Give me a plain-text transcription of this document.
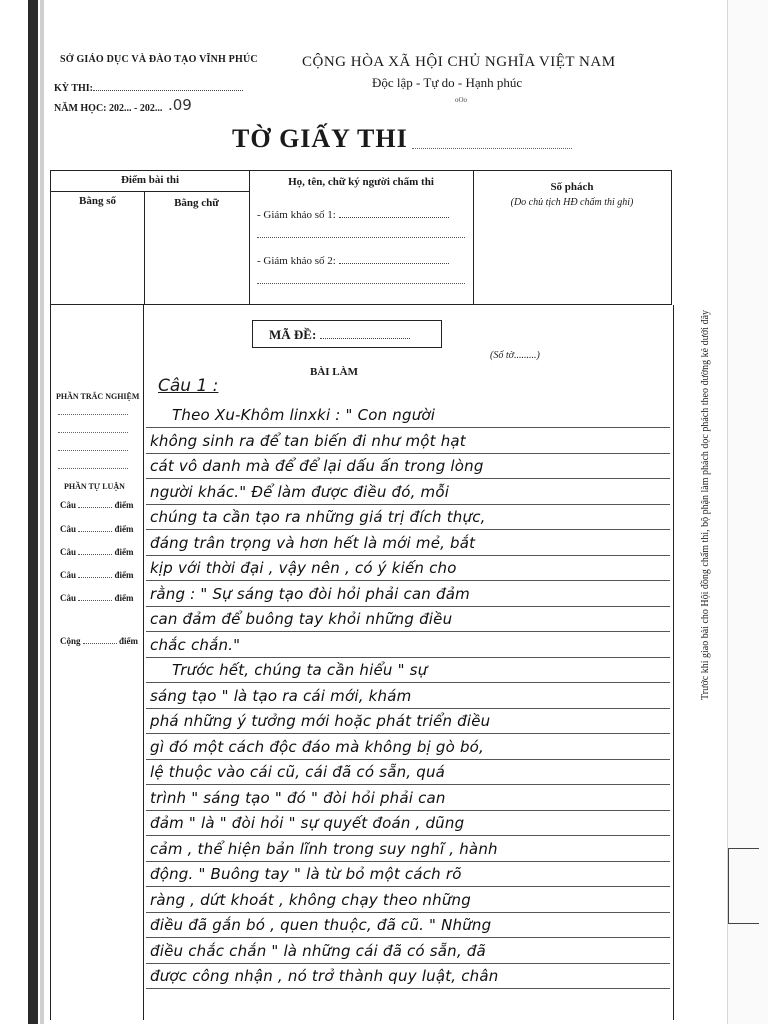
SỞ GIÁO DỤC VÀ ĐÀO TẠO VĨNH PHÚC
KỲ THI:
NĂM HỌC: 202... - 202... .09
CỘNG HÒA XÃ HỘI CHỦ NGHĨA VIỆT NAM
Độc lập - Tự do - Hạnh phúc
oOo
TỜ GIẤY THI
Điểm bài thi
Bằng số	Bằng chữ
Họ, tên, chữ ký người chấm thi
- Giám khảo số 1:
- Giám khảo số 2:
Số phách
(Do chủ tịch HĐ chấm thi ghi)
MÃ ĐỀ:
(Số tờ.........)
BÀI LÀM
PHẦN TRẮC NGHIỆM
PHẦN TỰ LUẬN
Câu	điểm
Câu	điểm
Câu	điểm
Câu	điểm
Câu	điểm
Cộng	điểm
Câu 1 :
Theo Xu-Khôm linxki : " Con người
không sinh ra để tan biến đi như một hạt
cát vô danh mà để để lại dấu ấn trong lòng
người khác." Để làm được điều đó, mỗi
chúng ta cần tạo ra những giá trị đích thực,
đáng trân trọng và hơn hết là mới mẻ, bắt
kịp với thời đại , vậy nên , có ý kiến cho
rằng : " Sự sáng tạo đòi hỏi phải can đảm
can đảm để buông tay khỏi những điều
chắc chắn."
Trước hết, chúng ta cần hiểu " sự
sáng tạo " là tạo ra cái mới, khám
phá những ý tưởng mới hoặc phát triển điều
gì đó một cách độc đáo mà không bị gò bó,
lệ thuộc vào cái cũ, cái đã có sẵn, quá
trình " sáng tạo " đó " đòi hỏi phải can
đảm " là " đòi hỏi " sự quyết đoán , dũng
cảm , thể hiện bản lĩnh trong suy nghĩ , hành
động. " Buông tay " là từ bỏ một cách rõ
ràng , dứt khoát , không chạy theo những
điều đã gắn bó , quen thuộc, đã cũ. " Những
điều chắc chắn " là những cái đã có sẵn, đã
được công nhận , nó trở thành quy luật, chân
Trước khi giao bài cho Hội đồng chấm thi, bộ phận làm phách dọc phách theo đường kẻ dưới đây
